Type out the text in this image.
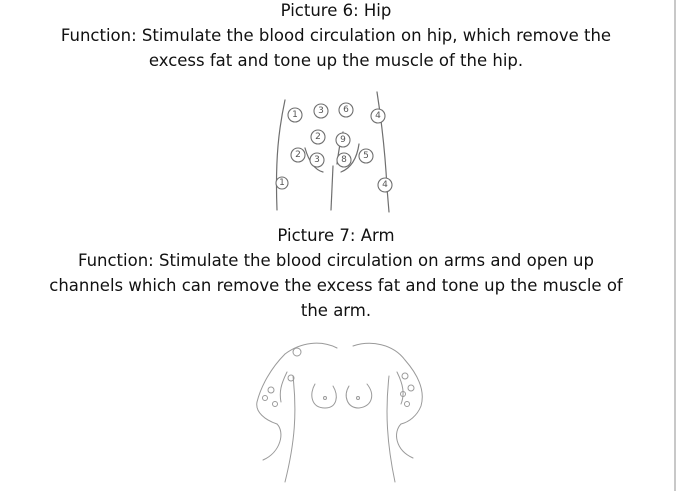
Picture 6: Hip
Function: Stimulate the blood circulation on hip, which remove the
excess fat and tone up the muscle of the hip.
1 3 6
4
2 9
2 3 8 5
1	4
Picture 7: Arm
Function: Stimulate the blood circulation on arms and open up
channels which can remove the excess fat and tone up the muscle of
the arm.
